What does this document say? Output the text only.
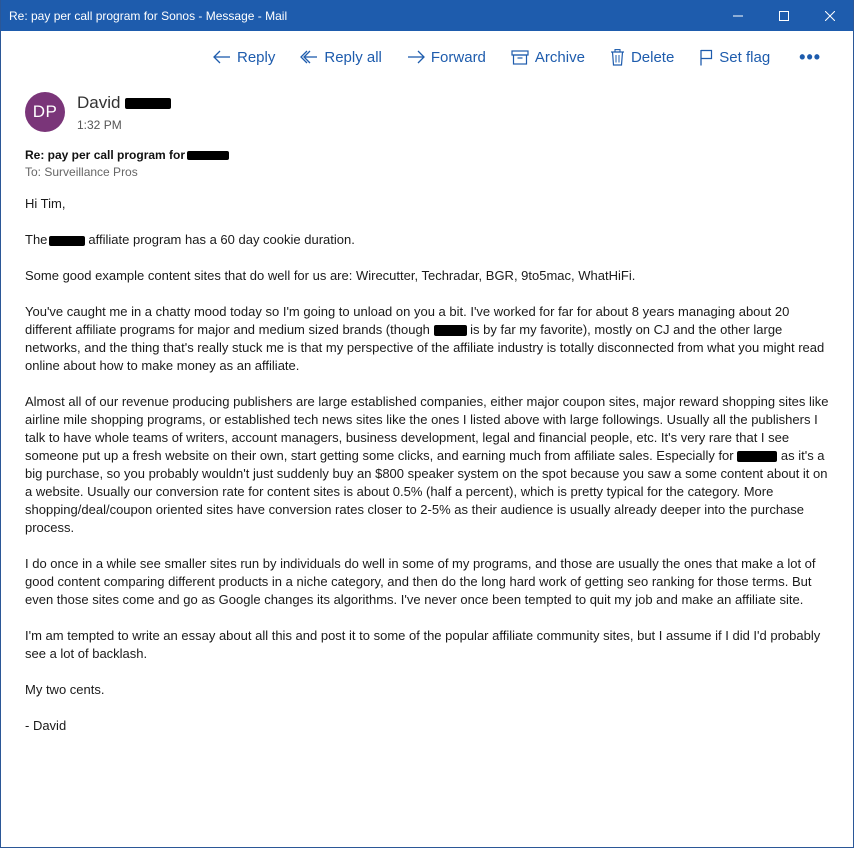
Re: pay per call program for Sonos - Message - Mail
Reply	Reply all	Forward	Archive	Delete	Set flag •••
DP	David
1:32 PM
Re: pay per call program for
To: Surveillance Pros

Hi Tim,

The	affiliate program has a 60 day cookie duration.

Some good example content sites that do well for us are: Wirecutter, Techradar, BGR, 9to5mac, WhatHiFi.

You've caught me in a chatty mood today so I'm going to unload on you a bit. I've worked for far for about 8 years managing about 20 different affiliate programs for major and medium sized brands (though	is by far my favorite), mostly on CJ and the other large networks, and the thing that's really stuck me is that my perspective of the affiliate industry is totally disconnected from what you might read online about how to make money as an affiliate.

Almost all of our revenue producing publishers are large established companies, either major coupon sites, major reward shopping sites like airline mile shopping programs, or established tech news sites like the ones I listed above with large followings. Usually all the publishers I talk to have whole teams of writers, account managers, business development, legal and financial people, etc. It's very rare that I see someone put up a fresh website on their own, start getting some clicks, and earning much from affiliate sales. Especially for	as it's a big purchase, so you probably wouldn't just suddenly buy an $800 speaker system on the spot because you saw a some content about it on a website. Usually our conversion rate for content sites is about 0.5% (half a percent), which is pretty typical for the category. More shopping/deal/coupon oriented sites have conversion rates closer to 2-5% as their audience is usually already deeper into the purchase process.

I do once in a while see smaller sites run by individuals do well in some of my programs, and those are usually the ones that make a lot of good content comparing different products in a niche category, and then do the long hard work of getting seo ranking for those terms. But even those sites come and go as Google changes its algorithms. I've never once been tempted to quit my job and make an affiliate site.

I'm am tempted to write an essay about all this and post it to some of the popular affiliate community sites, but I assume if I did I'd probably see a lot of backlash.

My two cents.

- David
